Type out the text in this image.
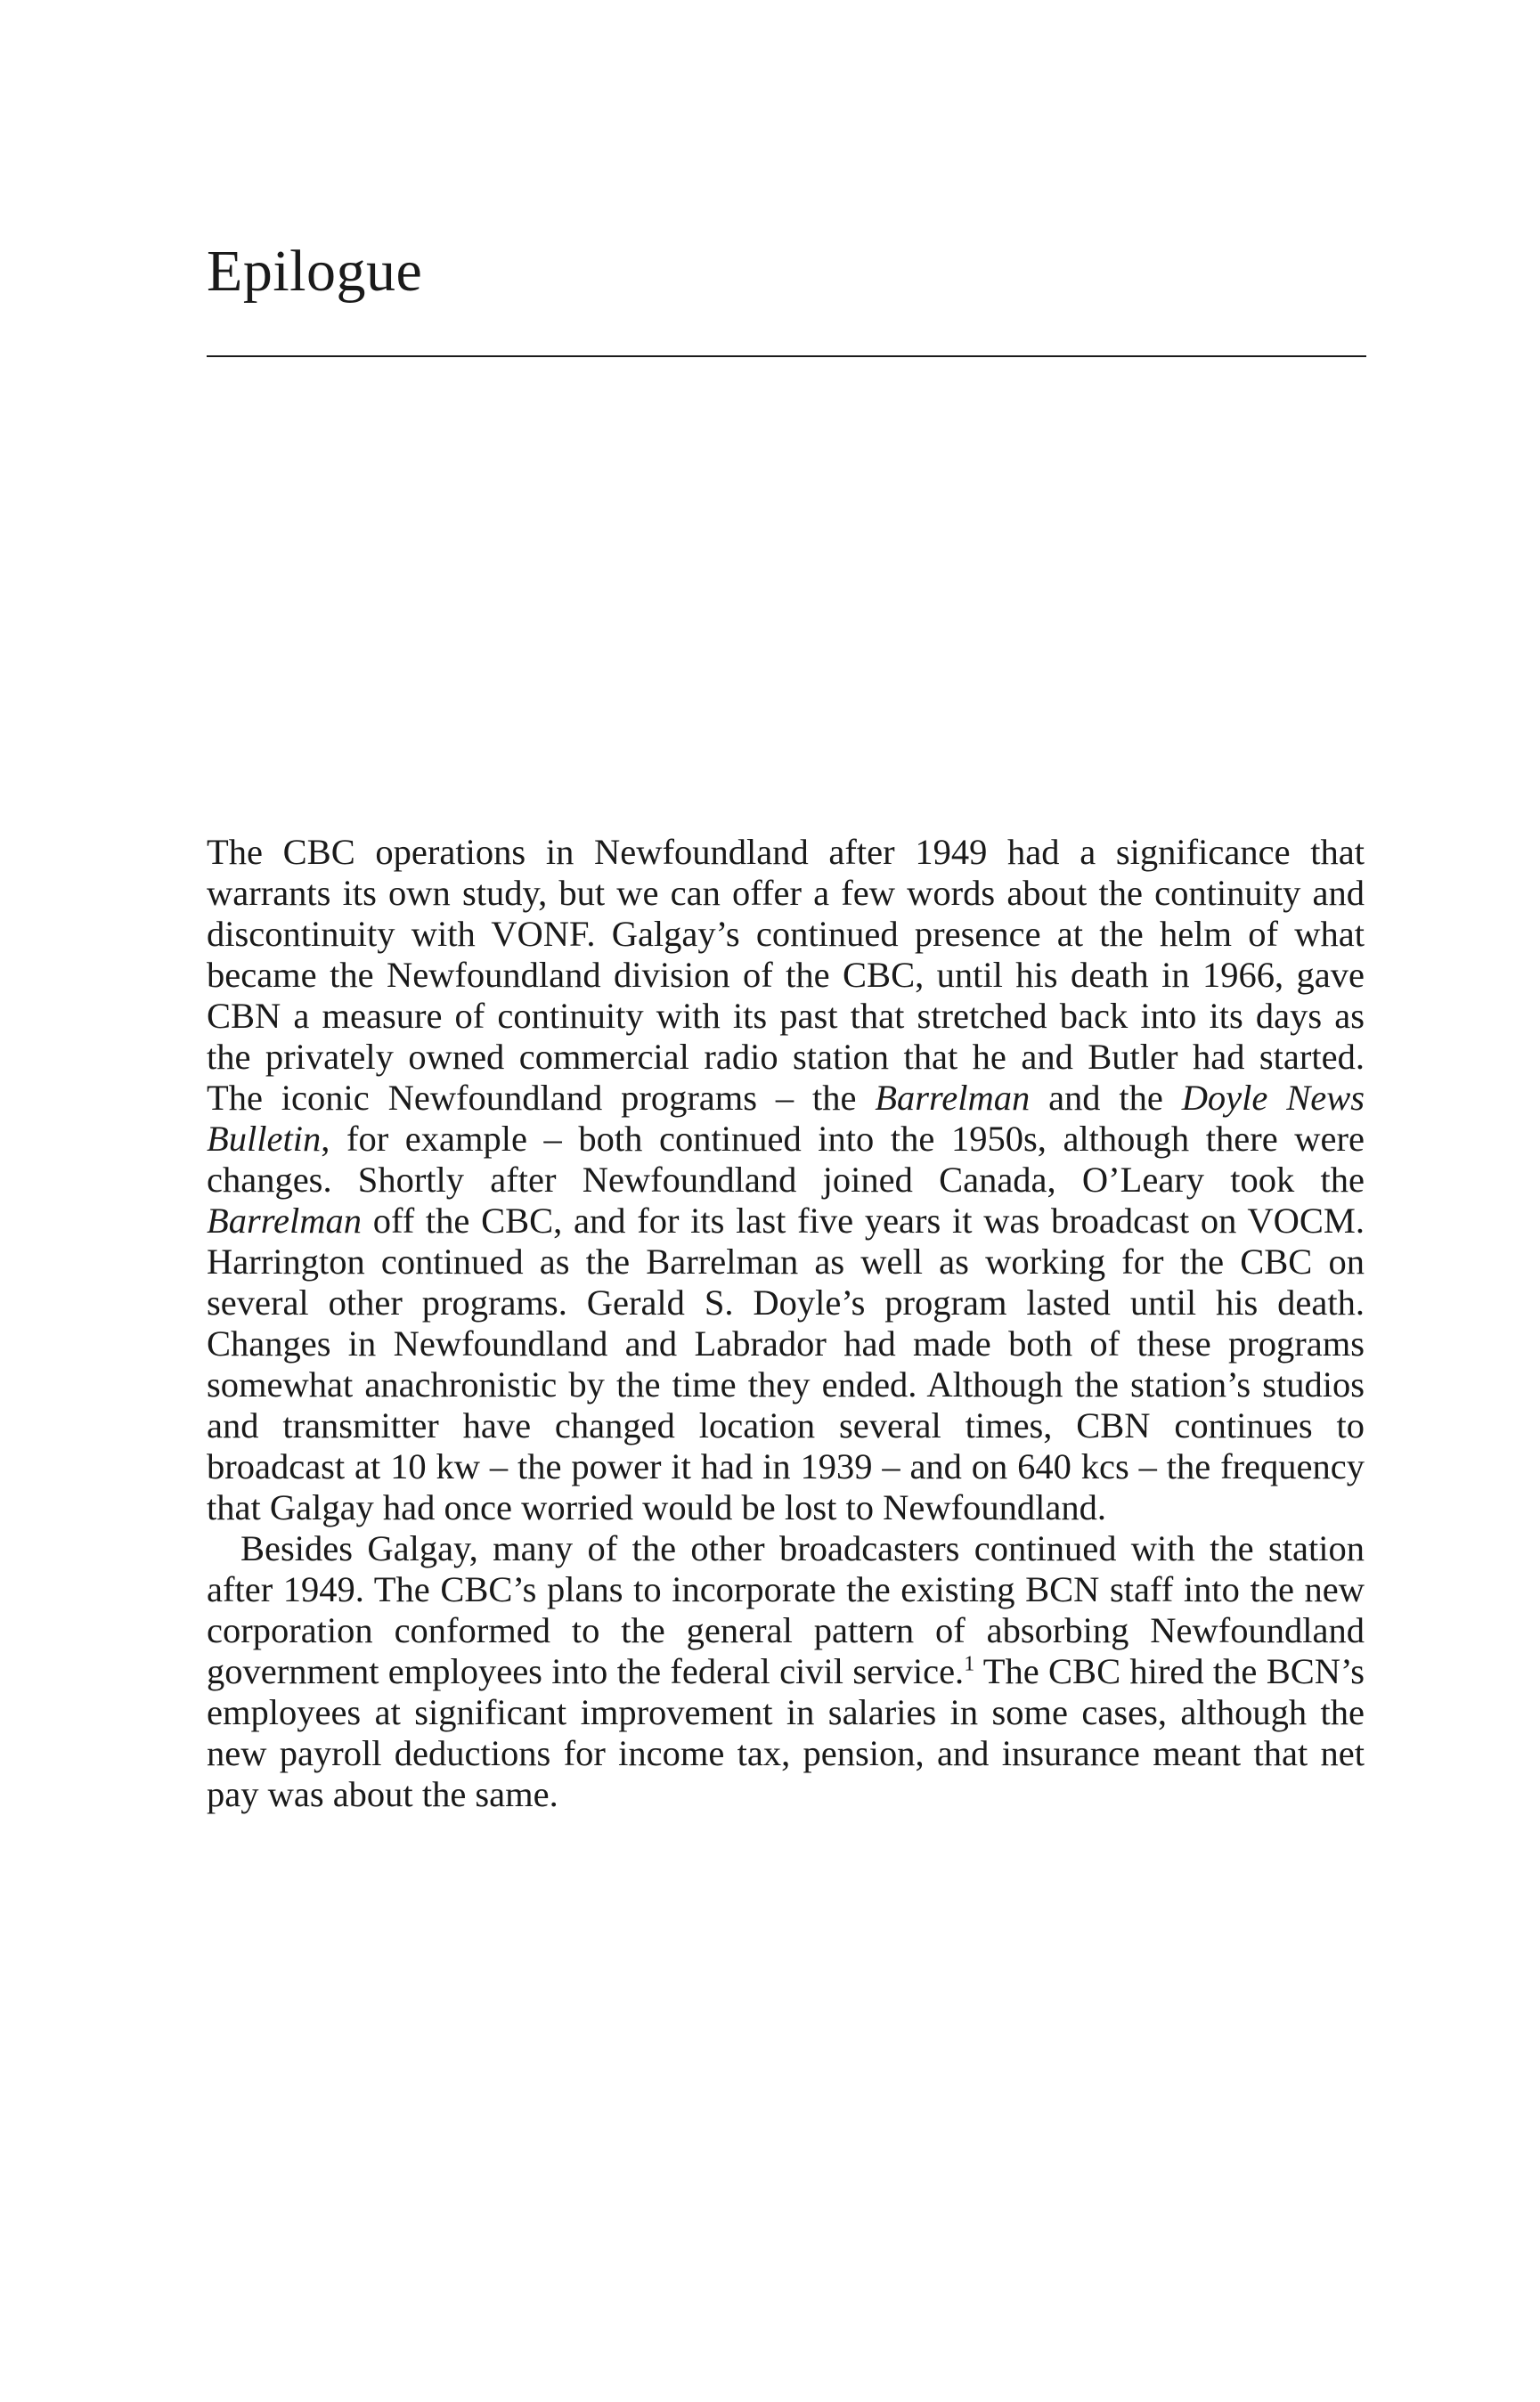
Epilogue

The CBC operations in Newfoundland after 1949 had a significance that warrants its own study, but we can offer a few words about the continuity and discontinuity with VONF. Galgay’s continued presence at the helm of what became the Newfoundland division of the CBC, until his death in 1966, gave CBN a measure of continuity with its past that stretched back into its days as the privately owned commercial radio station that he and Butler had started. The iconic Newfoundland programs – the Barrelman and the Doyle News Bulletin, for example – both continued into the 1950s, although there were changes. Shortly after Newfoundland joined Canada, O’Leary took the Barrelman off the CBC, and for its last five years it was broadcast on VOCM. Harrington continued as the Barrelman as well as working for the CBC on several other programs. Gerald S. Doyle’s program lasted until his death. Changes in Newfoundland and Labrador had made both of these programs somewhat anachronistic by the time they ended. Although the station’s studios and transmitter have changed location several times, CBN continues to broadcast at 10 kw – the power it had in 1939 – and on 640 kcs – the frequency that Galgay had once worried would be lost to Newfoundland.

Besides Galgay, many of the other broadcasters continued with the station after 1949. The CBC’s plans to incorporate the existing BCN staff into the new corporation conformed to the general pattern of absorbing Newfoundland government employees into the federal civil service.$^1$ The CBC hired the BCN’s employees at significant improvement in salaries in some cases, although the new payroll deductions for income tax, pension, and insurance meant that net pay was about the same.
